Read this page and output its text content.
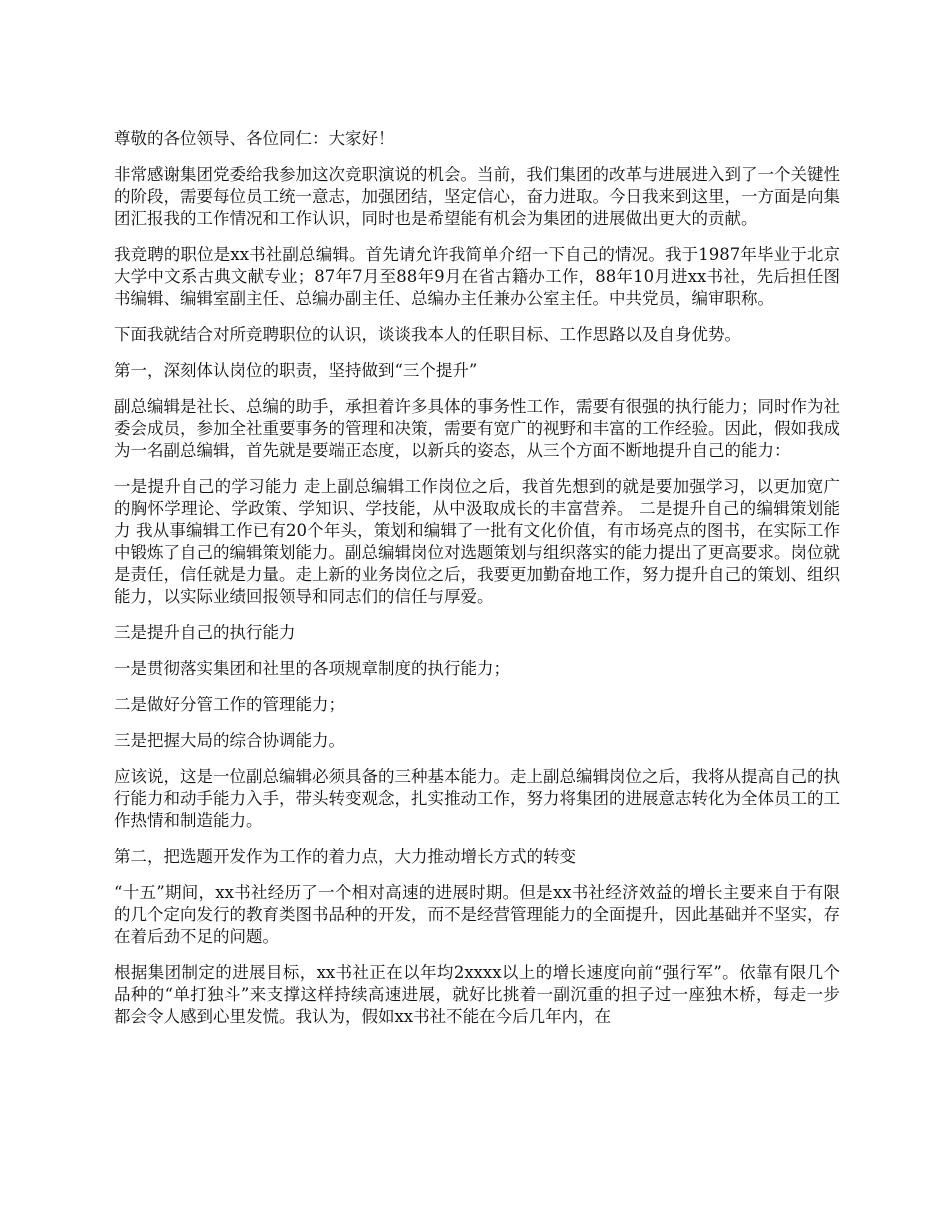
尊敬的各位领导、各位同仁：大家好！

非常感谢集团党委给我参加这次竞职演说的机会。当前，我们集团的改革与进展进入到了一个关键性的阶段，需要每位员工统一意志，加强团结，坚定信心，奋力进取。今日我来到这里，一方面是向集团汇报我的工作情况和工作认识，同时也是希望能有机会为集团的进展做出更大的贡献。

我竞聘的职位是xx书社副总编辑。首先请允许我简单介绍一下自己的情况。我于1987年毕业于北京大学中文系古典文献专业；87年7月至88年9月在省古籍办工作，88年10月进xx书社，先后担任图书编辑、编辑室副主任、总编办副主任、总编办主任兼办公室主任。中共党员，编审职称。

下面我就结合对所竞聘职位的认识，谈谈我本人的任职目标、工作思路以及自身优势。

第一，深刻体认岗位的职责，坚持做到“三个提升”

副总编辑是社长、总编的助手，承担着许多具体的事务性工作，需要有很强的执行能力；同时作为社委会成员，参加全社重要事务的管理和决策，需要有宽广的视野和丰富的工作经验。因此，假如我成为一名副总编辑，首先就是要端正态度，以新兵的姿态，从三个方面不断地提升自己的能力：

一是提升自己的学习能力 走上副总编辑工作岗位之后，我首先想到的就是要加强学习，以更加宽广的胸怀学理论、学政策、学知识、学技能，从中汲取成长的丰富营养。 二是提升自己的编辑策划能力 我从事编辑工作已有20个年头，策划和编辑了一批有文化价值，有市场亮点的图书，在实际工作中锻炼了自己的编辑策划能力。副总编辑岗位对选题策划与组织落实的能力提出了更高要求。岗位就是责任，信任就是力量。走上新的业务岗位之后，我要更加勤奋地工作，努力提升自己的策划、组织能力，以实际业绩回报领导和同志们的信任与厚爱。

三是提升自己的执行能力

一是贯彻落实集团和社里的各项规章制度的执行能力；

二是做好分管工作的管理能力；

三是把握大局的综合协调能力。

应该说，这是一位副总编辑必须具备的三种基本能力。走上副总编辑岗位之后，我将从提高自己的执行能力和动手能力入手，带头转变观念，扎实推动工作，努力将集团的进展意志转化为全体员工的工作热情和制造能力。

第二，把选题开发作为工作的着力点，大力推动增长方式的转变

“十五”期间，xx书社经历了一个相对高速的进展时期。但是xx书社经济效益的增长主要来自于有限的几个定向发行的教育类图书品种的开发，而不是经营管理能力的全面提升，因此基础并不坚实，存在着后劲不足的问题。

根据集团制定的进展目标，xx书社正在以年均2xxxx以上的增长速度向前“强行军”。依靠有限几个品种的“单打独斗”来支撑这样持续高速进展，就好比挑着一副沉重的担子过一座独木桥，每走一步都会令人感到心里发慌。我认为，假如xx书社不能在今后几年内，在
